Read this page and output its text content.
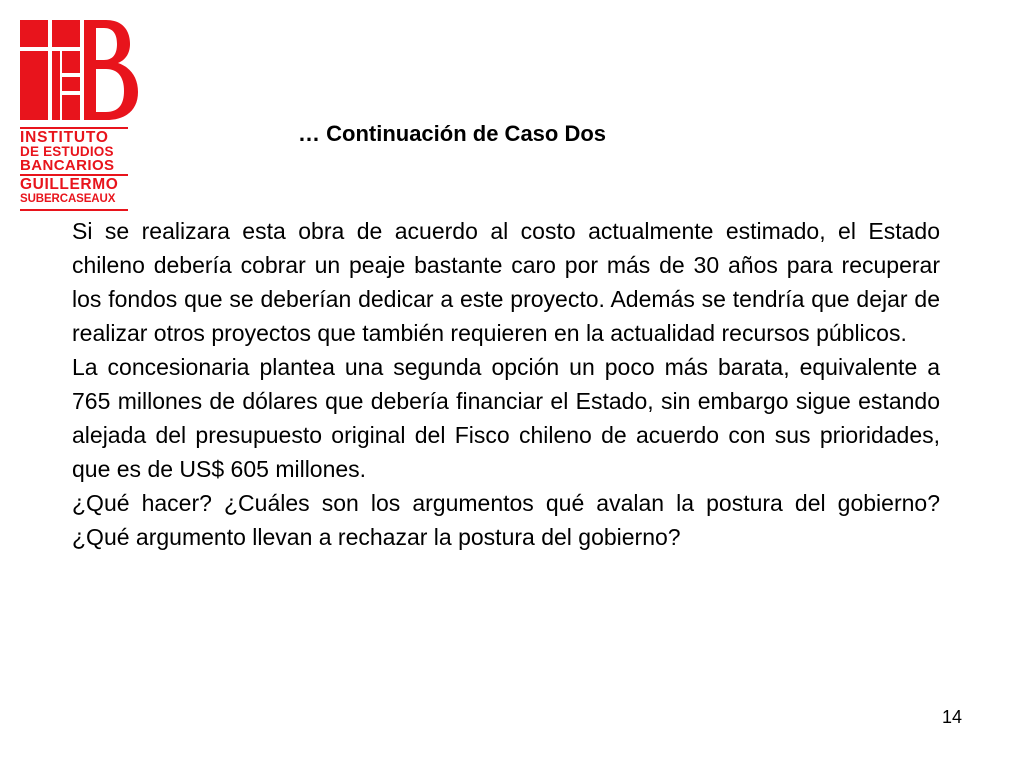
INSTITUTO
DE ESTUDIOS
BANCARIOS
GUILLERMO
SUBERCASEAUX
… Continuación de Caso Dos

Si se realizara esta obra de acuerdo al costo actualmente estimado, el Estado chileno debería cobrar un peaje bastante caro por más de 30 años para recuperar los fondos que se deberían dedicar a este proyecto. Además se tendría que dejar de realizar otros proyectos que también requieren en la actualidad recursos públicos.

La concesionaria plantea una segunda opción un poco más barata, equivalente a 765 millones de dólares que debería financiar el Estado, sin embargo sigue estando alejada del presupuesto original del Fisco chileno de acuerdo con sus prioridades, que es de US$ 605 millones.

¿Qué hacer? ¿Cuáles son los argumentos qué avalan la postura del gobierno? ¿Qué argumento llevan a rechazar la postura del gobierno?

14
